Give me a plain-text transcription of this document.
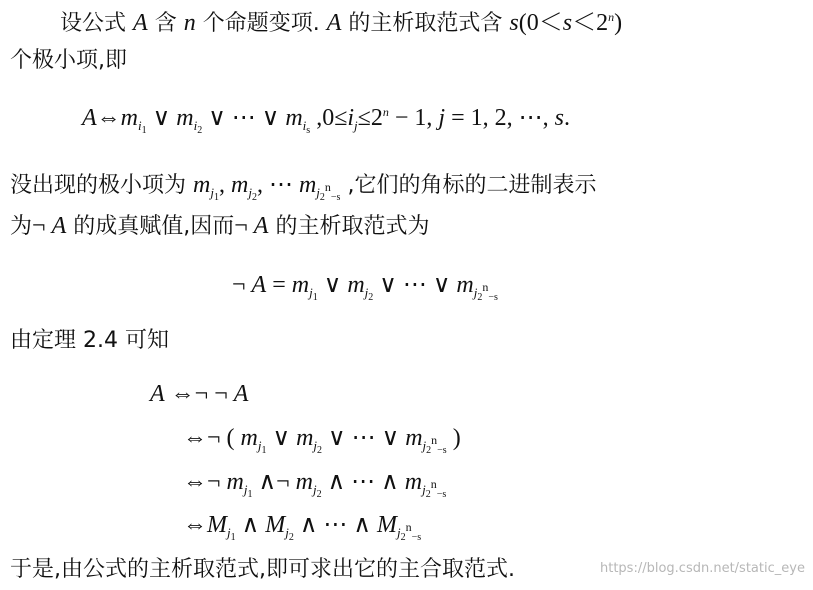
设公式 A 含 n 个命题变项. A 的主析取范式含 $s(0<s<2^n)$
个极小项,即
$A\Leftrightarrow m_{i_1}$ ∨ $m_{i_2}$ ∨ ⋯ ∨ $m_{i_s}$ $,0\le i_j\le 2^n - 1$, j = 1, 2, ⋯, s.
没出现的极小项为 $m_{j_1}$, $m_{j_2}$, ⋯ $m_{j_{2^n-s}}$ ,它们的角标的二进制表示
为¬ A 的成真赋值,因而¬ A 的主析取范式为
¬ $A = m_{j_1}$ ∨ $m_{j_2}$ ∨ ⋯ ∨ $m_{j_{2^n-s}}$
由定理 2.4 可知
A ⇔¬ ¬ A
⇔¬ ( $m_{j_1}$ ∨ $m_{j_2}$ ∨ ⋯ ∨ $m_{j_{2^n-s}}$ )
⇔¬ $m_{j_1}$ ∧¬ $m_{j_2}$ ∧ ⋯ ∧ $m_{j_{2^n-s}}$
$\Leftrightarrow M_{j_1}$ ∧ $M_{j_2}$ ∧ ⋯ ∧ $M_{j_{2^n-s}}$
于是,由公式的主析取范式,即可求出它的主合取范式.	https://blog.csdn.net/static_eye
